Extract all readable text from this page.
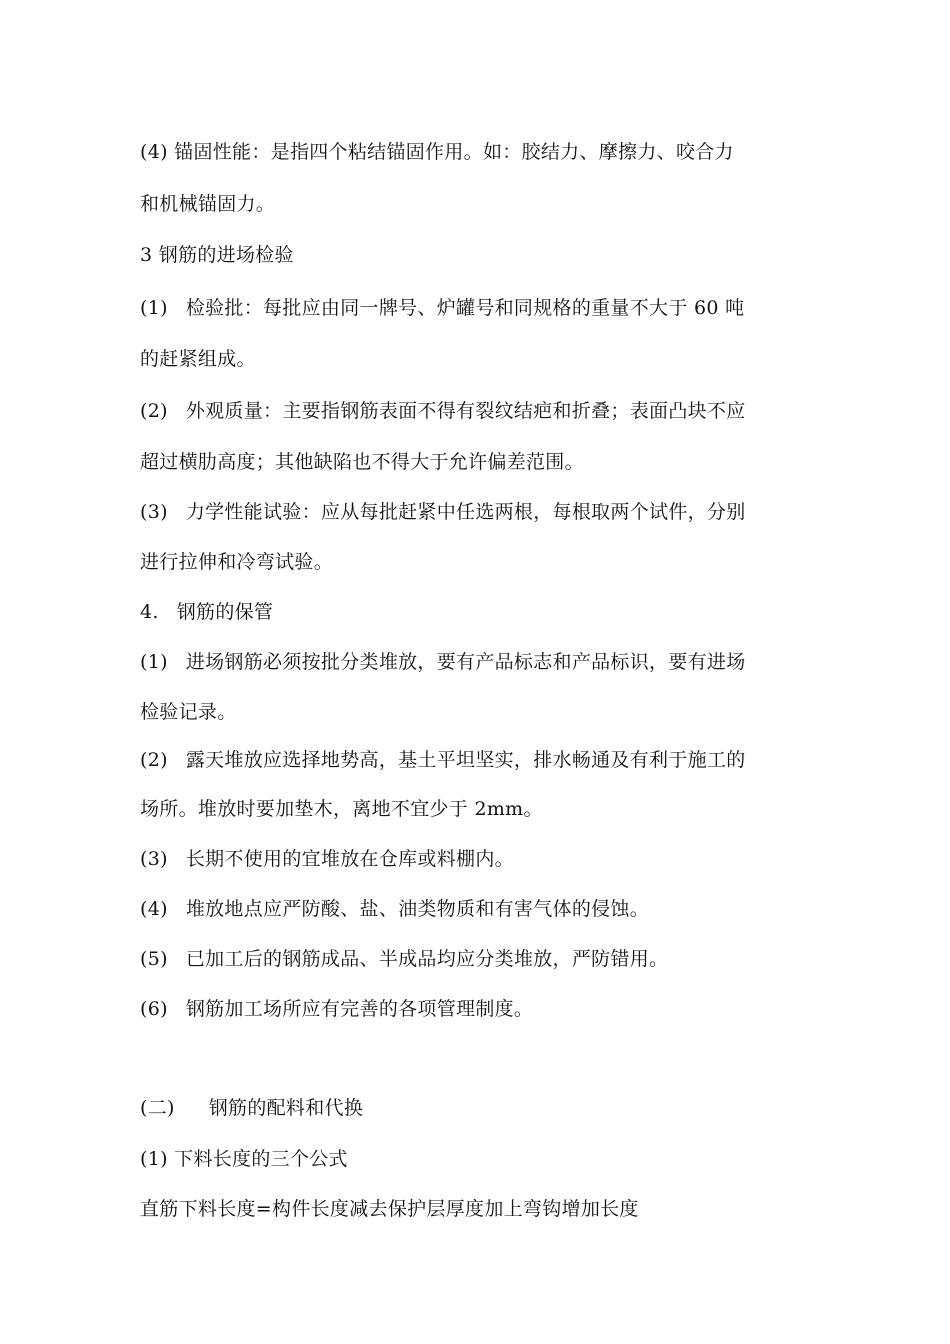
(4) 锚固性能：是指四个粘结锚固作用。如：胶结力、摩擦力、咬合力
和机械锚固力。
3 钢筋的进场检验
(1) 检验批：每批应由同一牌号、炉罐号和同规格的重量不大于 60 吨
的赶紧组成。
(2) 外观质量：主要指钢筋表面不得有裂纹结疤和折叠；表面凸块不应
超过横肋高度；其他缺陷也不得大于允许偏差范围。
(3) 力学性能试验：应从每批赶紧中任选两根，每根取两个试件，分别
进行拉伸和冷弯试验。
4. 钢筋的保管
(1) 进场钢筋必须按批分类堆放，要有产品标志和产品标识，要有进场
检验记录。
(2) 露天堆放应选择地势高，基土平坦坚实，排水畅通及有利于施工的
场所。堆放时要加垫木，离地不宜少于 2mm。
(3) 长期不使用的宜堆放在仓库或料棚内。
(4) 堆放地点应严防酸、盐、油类物质和有害气体的侵蚀。
(5) 已加工后的钢筋成品、半成品均应分类堆放，严防错用。
(6) 钢筋加工场所应有完善的各项管理制度。
(二) 钢筋的配料和代换
(1) 下料长度的三个公式
直筋下料长度=构件长度减去保护层厚度加上弯钩增加长度
